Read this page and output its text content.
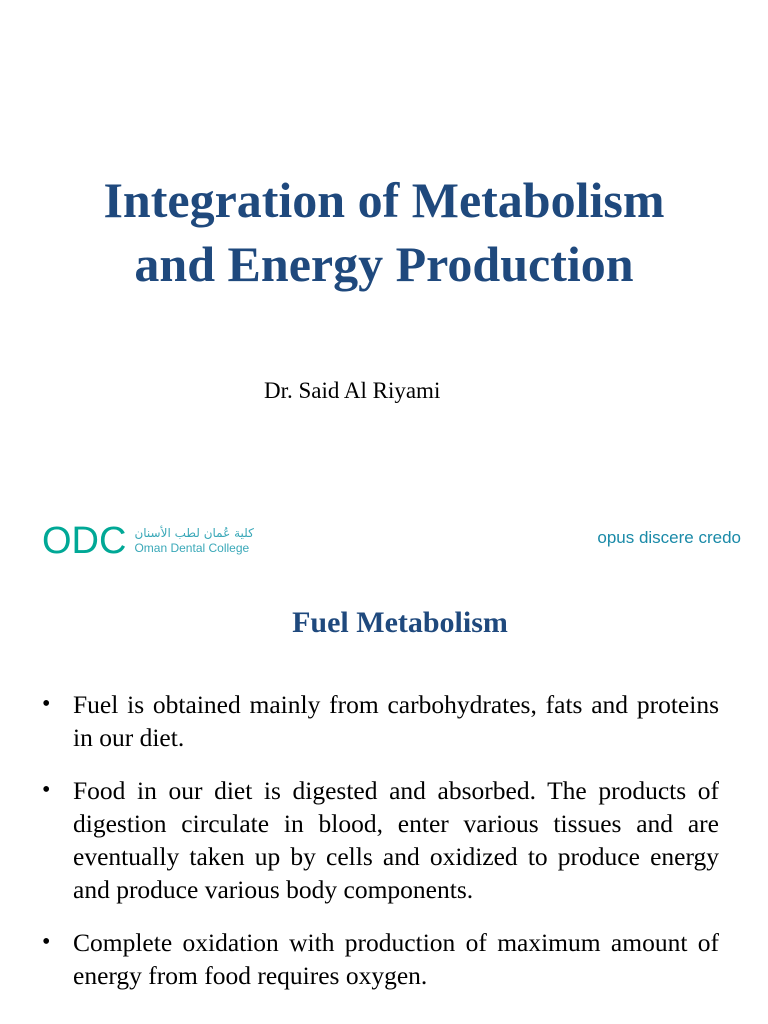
Integration of Metabolism
and Energy Production
Dr. Said Al Riyami
ODC كلية عُمان لطب الأسنان
Oman Dental College
opus discere credo
Fuel Metabolism
• Fuel is obtained mainly from carbohydrates, fats and proteins in our diet.
• Food in our diet is digested and absorbed. The products of digestion circulate in blood, enter various tissues and are eventually taken up by cells and oxidized to produce energy and produce various body components.
• Complete oxidation with production of maximum amount of energy from food requires oxygen.
